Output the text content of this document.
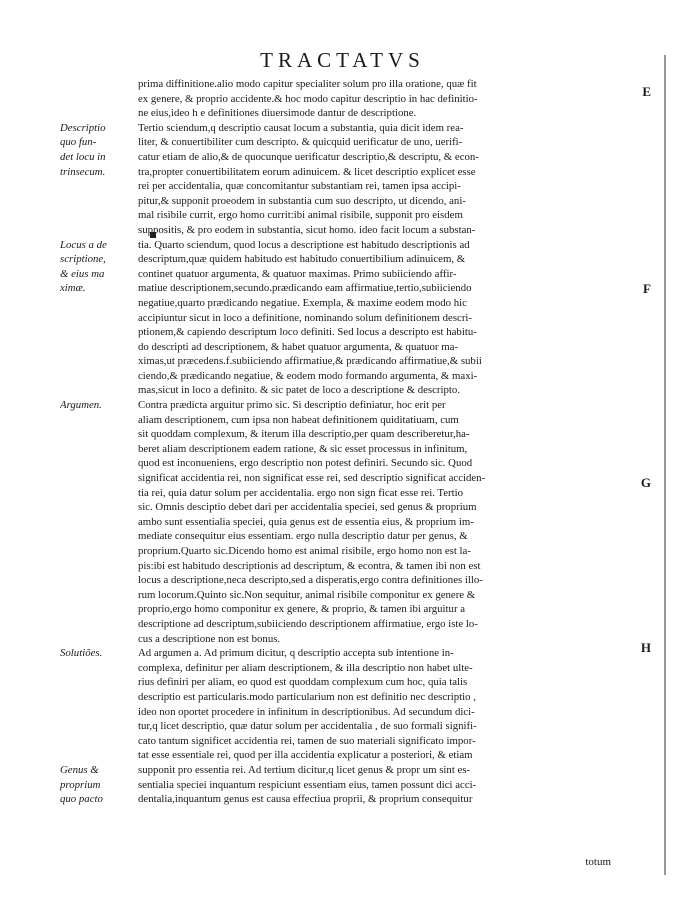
TRACTATVS
E
F
G
H
prima diffinitione.alio modo capitur specialiter solum pro illa oratione, quæ fit
ex genere, & proprio accidente.& hoc modo capitur descriptio in hac definitio-
ne eius,ideo h e definitiones diuersimode dantur de descriptione.
Descriptio	Tertio sciendum,q descriptio causat locum a substantia, quia dicit idem rea-
quo fun-	liter, & conuertibiliter cum descripto. & quicquid uerificatur de uno, uerifi-
det locu in	catur etiam de alio,& de quocunque uerificatur descriptio,& descriptu, & econ-
trinsecum.	tra,propter conuertibilitatem eorum adinuicem. & licet descriptio explicet esse
rei per accidentalia, quæ concomitantur substantiam rei, tamen ipsa accipi-
pitur,& supponit proeodem in substantia cum suo descripto, ut dicendo, ani-
mal risibile currit, ergo homo currit:ibi animal risibile, supponit pro eisdem
suppositis, & pro eodem in substantia, sicut homo. ideo facit locum a substan-
Locus a de	tia. Quarto sciendum, quod locus a descriptione est habitudo descriptionis ad
scriptione,	descriptum,quæ quidem habitudo est habitudo conuertibilium adinuicem, &
& eius ma	continet quatuor argumenta, & quatuor maximas. Primo subiiciendo affir-
ximæ.	matiue descriptionem,secundo.prædicando eam affirmatiue,tertio,subiiciendo
negatiue,quarto prædicando negatiue. Exempla, & maxime eodem modo hic
accipiuntur sicut in loco a definitione, nominando solum definitionem descri-
ptionem,& capiendo descriptum loco definiti. Sed locus a descripto est habitu-
do descripti ad descriptionem, & habet quatuor argumenta, & quatuor ma-
ximas,ut præcedens.f.subiiciendo affirmatiue,& prædicando affirmatiue,& subii
ciendo,& prædicando negatiue, & eodem modo formando argumenta, & maxi-
mas,sicut in loco a definito. & sic patet de loco a descriptione & descripto.
Argumen.	Contra prædicta arguitur primo sic. Si descriptio definiatur, hoc erit per
aliam descriptionem, cum ipsa non habeat definitionem quiditatiuam, cum
sit quoddam complexum, & iterum illa descriptio,per quam describeretur,ha-
beret aliam descriptionem eadem ratione, & sic esset processus in infinitum,
quod est inconueniens, ergo descriptio non potest definiri. Secundo sic. Quod
significat accidentia rei, non significat esse rei, sed descriptio significat acciden-
tia rei, quia datur solum per accidentalia. ergo non sign ficat esse rei. Tertio
sic. Omnis desciptio debet dari per accidentalia speciei, sed genus & proprium
ambo sunt essentialia speciei, quia genus est de essentia eius, & proprium im-
mediate consequitur eius essentiam. ergo nulla descriptio datur per genus, &
proprium.Quarto sic.Dicendo homo est animal risibile, ergo homo non est la-
pis:ibi est habitudo descriptionis ad descriptum, & econtra, & tamen ibi non est
locus a descriptione,neca descripto,sed a disperatis,ergo contra definitiones illo-
rum locorum.Quinto sic.Non sequitur, animal risibile componitur ex genere &
proprio,ergo homo componitur ex genere, & proprio, & tamen ibi arguitur a
descriptione ad descriptum,subiiciendo descriptionem affirmatiue, ergo iste lo-
cus a descriptione non est bonus.
Solutiões.	Ad argumen a. Ad primum dicitur, q descriptio accepta sub intentione in-
complexa, definitur per aliam descriptionem, & illa descriptio non habet ulte-
rius definiri per aliam, eo quod est quoddam complexum cum hoc, quia talis
descriptio est particularis.modo particularium non est definitio nec descriptio ,
ideo non oportet procedere in infinitum in descriptionibus. Ad secundum dici-
tur,q licet descriptio, quæ datur solum per accidentalia , de suo formali signifi-
cato tantum significet accidentia rei, tamen de suo materiali significato impor-
tat esse essentiale rei, quod per illa accidentia explicatur a posteriori, & etiam
Genus &	supponit pro essentia rei. Ad tertium dicitur,q licet genus & propr um sint es-
proprium	sentialia speciei inquantum respiciunt essentiam eius, tamen possunt dici acci-
quo pacto	dentalia,inquantum genus est causa effectiua proprii, & proprium consequitur
totum
